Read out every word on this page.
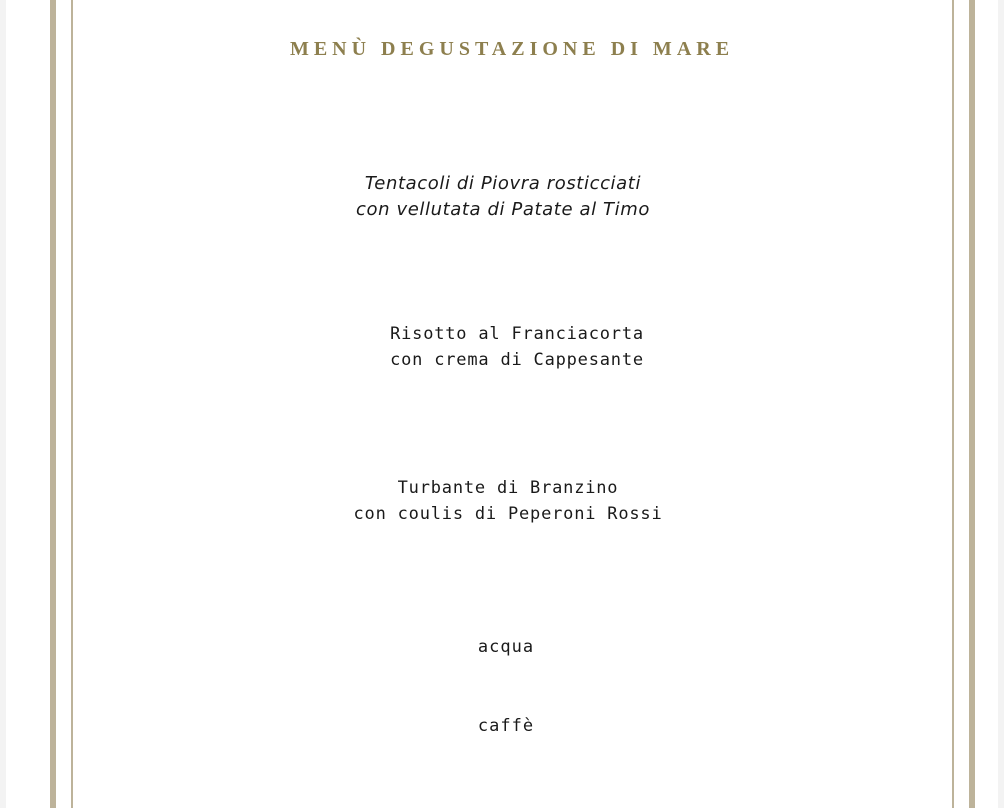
MENÙ DEGUSTAZIONE DI MARE
Tentacoli di Piovra rosticciati
con vellutata di Patate al Timo
Risotto al Franciacorta
con crema di Cappesante
Turbante di Branzino
con coulis di Peperoni Rossi
acqua
caffè
